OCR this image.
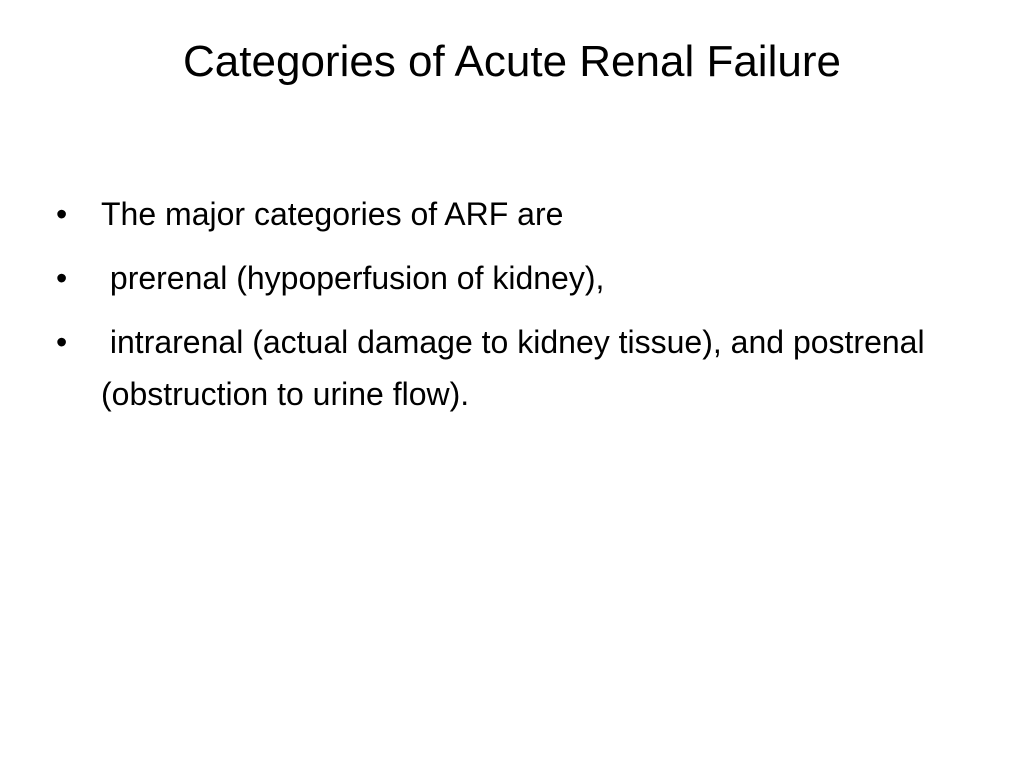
Categories of Acute Renal Failure
•	The major categories of ARF are
•	prerenal (hypoperfusion of kidney),
•	intrarenal (actual damage to kidney tissue), and postrenal (obstruction to urine flow).
